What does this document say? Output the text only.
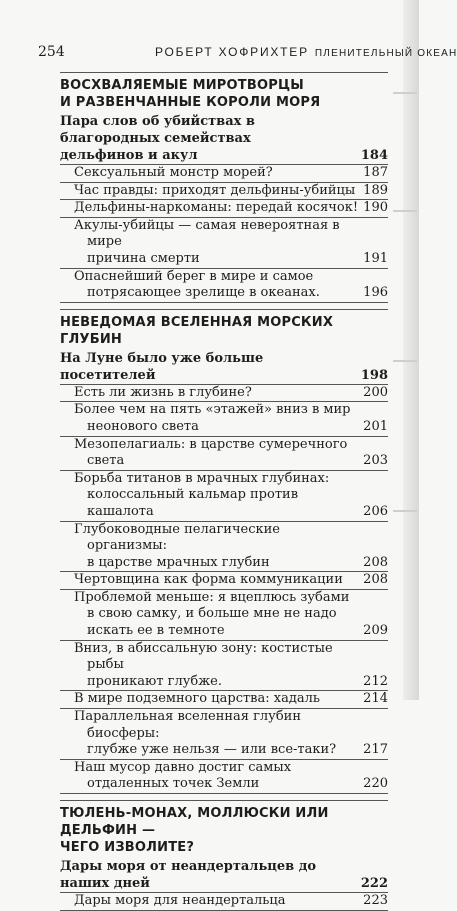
254	РОБЕРТ ХОФРИХТЕР ПЛЕНИТЕЛЬНЫЙ ОКЕАН
ВОСХВАЛЯЕМЫЕ МИРОТВОРЦЫ
И РАЗВЕНЧАННЫЕ КОРОЛИ МОРЯ
Пара слов об убийствах в благородных семействах
дельфинов и акул	184
Сексуальный монстр морей?	187
Час правды: приходят дельфины-убийцы 189
Дельфины-наркоманы: передай косячок! 190
Акулы-убийцы — самая невероятная в мире
причина смерти	191
Опаснейший берег в мире и самое
потрясающее зрелище в океанах.	196
НЕВЕДОМАЯ ВСЕЛЕННАЯ МОРСКИХ ГЛУБИН
На Луне было уже больше посетителей	198
Есть ли жизнь в глубине?	200
Более чем на пять «этажей» вниз в мир
неонового света	201
Мезопелагиаль: в царстве сумеречного
света	203
Борьба титанов в мрачных глубинах:
колоссальный кальмар против
кашалота	206
Глубоководные пелагические организмы:
в царстве мрачных глубин	208
Чертовщина как форма коммуникации	208
Проблемой меньше: я вцеплюсь зубами
в свою самку, и больше мне не надо
искать ее в темноте	209
Вниз, в абиссальную зону: костистые рыбы
проникают глубже.	212
В мире подземного царства: хадаль	214
Параллельная вселенная глубин биосферы:
глубже уже нельзя — или все-таки?	217
Наш мусор давно достиг самых
отдаленных точек Земли	220
ТЮЛЕНЬ-МОНАХ, МОЛЛЮСКИ ИЛИ ДЕЛЬФИН —
ЧЕГО ИЗВОЛИТЕ?
Дары моря от неандертальцев до наших дней	222
Дары моря для неандертальца	223
